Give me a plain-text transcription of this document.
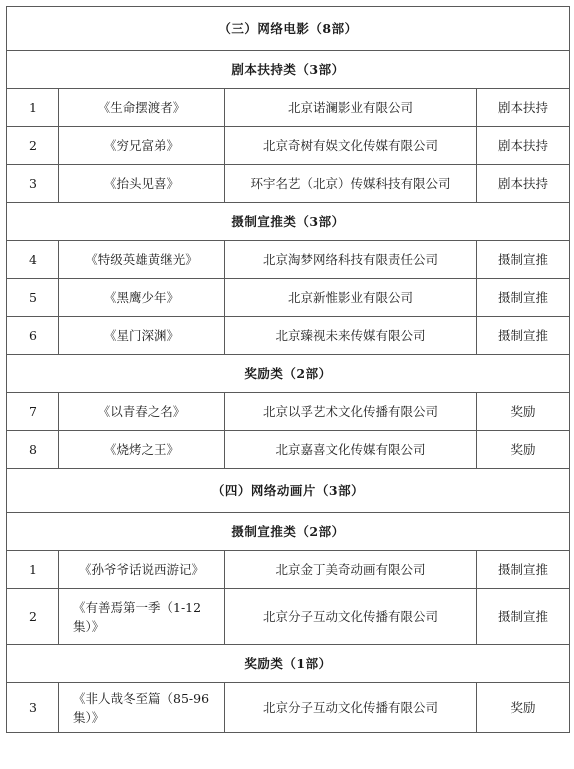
（三）网络电影（8部）			
剧本扶持类（3部）			
1	《生命摆渡者》	北京诺澜影业有限公司	剧本扶持
2	《穷兄富弟》	北京奇树有娱文化传媒有限公司	剧本扶持
3	《抬头见喜》	环宇名艺（北京）传媒科技有限公司	剧本扶持
摄制宣推类（3部）			
4	《特级英雄黄继光》	北京淘梦网络科技有限责任公司	摄制宣推
5	《黑鹰少年》	北京新惟影业有限公司	摄制宣推
6	《星门深渊》	北京臻视未来传媒有限公司	摄制宣推
奖励类（2部）			
7	《以青春之名》	北京以孚艺术文化传播有限公司	奖励
8	《烧烤之王》	北京嘉喜文化传媒有限公司	奖励
（四）网络动画片（3部）			
摄制宣推类（2部）			
1	《孙爷爷话说西游记》	北京金丁美奇动画有限公司	摄制宣推
2	《有善焉第一季（1-12
集）》	北京分子互动文化传播有限公司	摄制宣推
奖励类（1部）			
3	《非人哉冬至篇（85-96
集）》	北京分子互动文化传播有限公司	奖励
